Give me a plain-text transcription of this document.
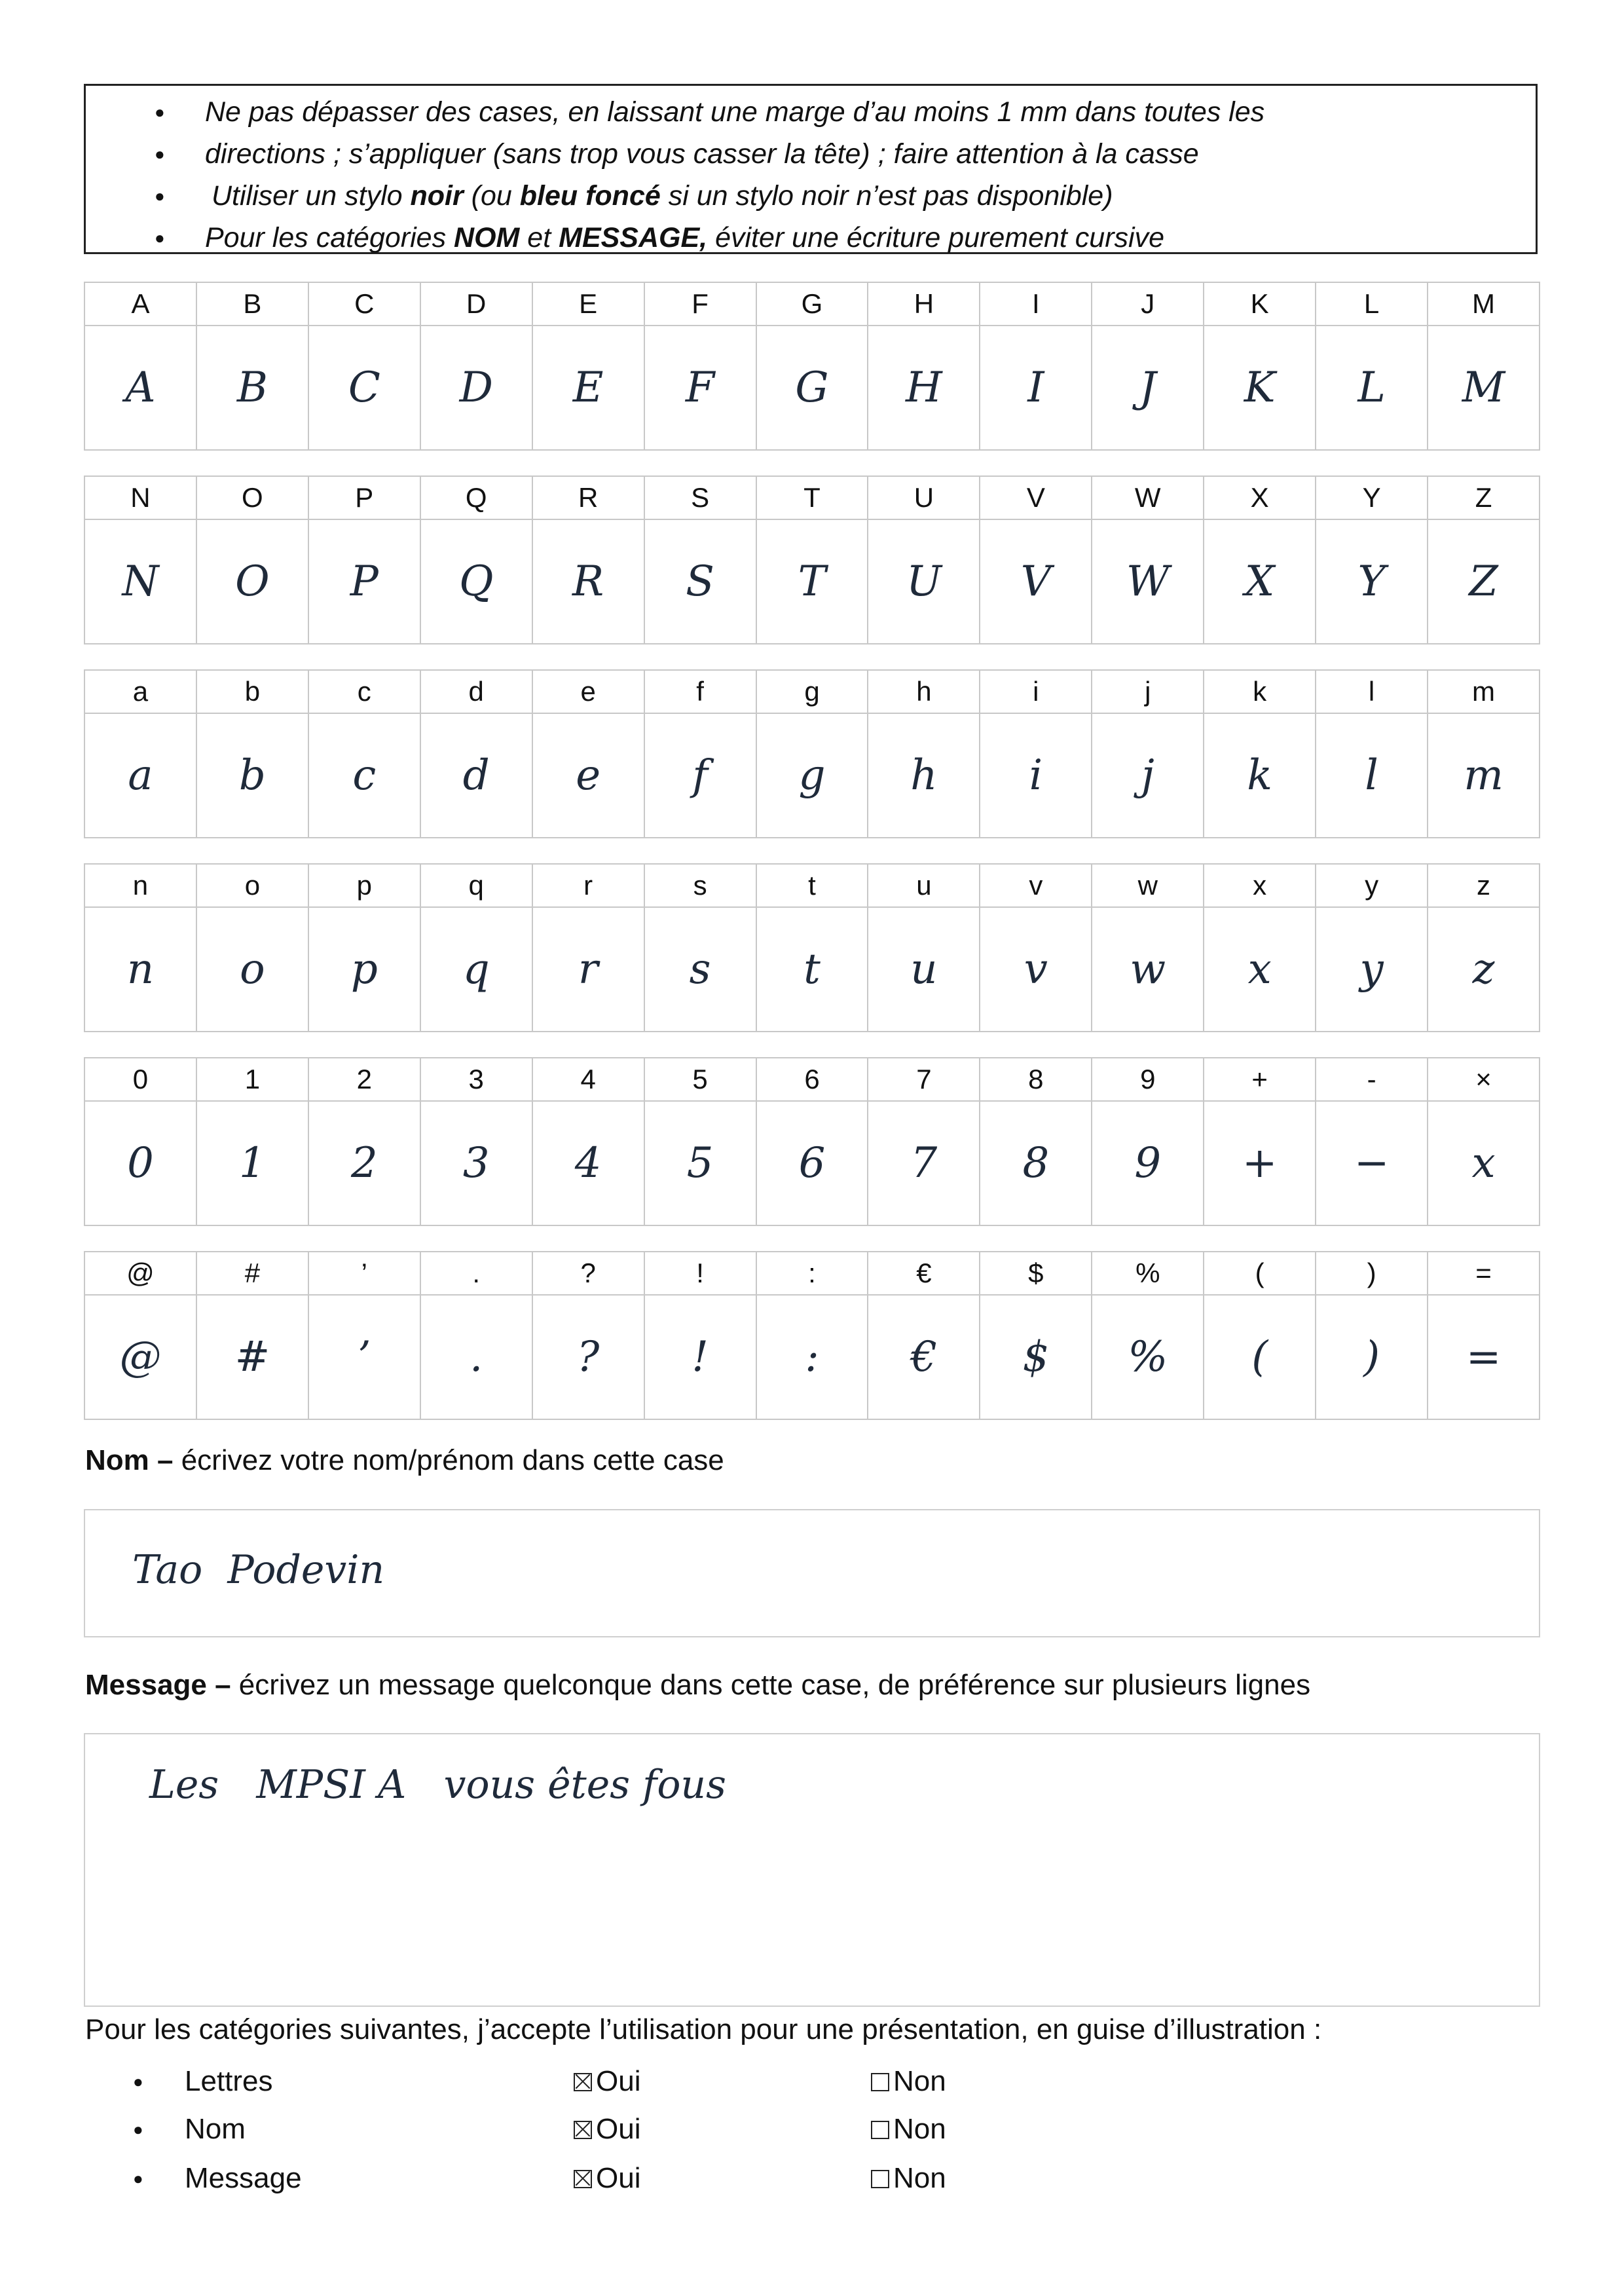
● Ne pas dépasser des cases, en laissant une marge d’au moins 1 mm dans toutes les
● directions ; s’appliquer (sans trop vous casser la tête) ; faire attention à la casse
● Utiliser un stylo noir (ou bleu foncé si un stylo noir n’est pas disponible)
● Pour les catégories NOM et MESSAGE, éviter une écriture purement cursive
A	B	C	D	E	F	G	H	I	J	K	L	M
A	B	C	D	E	F	G	H	I	J	K	L	M
N	O	P	Q	R	S	T	U	V	W	X	Y	Z
N	O	P	Q	R	S	T	U	V	W	X	Y	Z
a	b	c	d	e	f	g	h	i	j	k	l	m
a	b	c	d	e	f	g	h	i	j	k	l	m
n	o	p	q	r	s	t	u	v	w	x	y	z
n	o	p	q	r	s	t	u	v	w	x	y	z
0	1	2	3	4	5	6	7	8	9	+	-	×
0	1	2	3	4	5	6	7	8	9	+	−	x
@	#	’	.	?	!	:	€	$	%	(	)	=
@	#	’	.	?	!	:	€	$	%	(	)	=
Nom – écrivez votre nom/prénom dans cette case
Tao  Podevin
Message – écrivez un message quelconque dans cette case, de préférence sur plusieurs lignes
Les   MPSI A   vous êtes fous
Pour les catégories suivantes, j’accepte l’utilisation pour une présentation, en guise d’illustration :
● Lettres	Oui	Non
● Nom	Oui	Non
● Message	Oui	Non
